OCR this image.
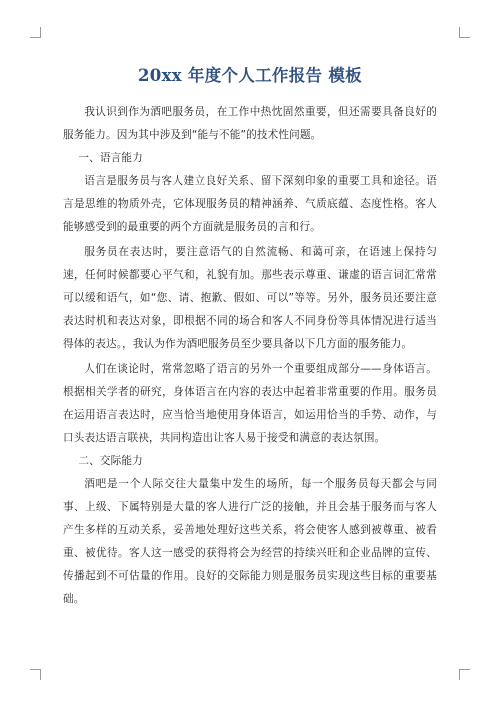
20xx 年度个人工作报告 模板

我认识到作为酒吧服务员，在工作中热忱固然重要，但还需要具备良好的服务能力。因为其中涉及到“能与不能”的技术性问题。

一、语言能力

语言是服务员与客人建立良好关系、留下深刻印象的重要工具和途径。语言是思维的物质外壳，它体现服务员的精神涵养、气质底蕴、态度性格。客人能够感受到的最重要的两个方面就是服务员的言和行。

服务员在表达时，要注意语气的自然流畅、和蔼可亲，在语速上保持匀速，任何时候都要心平气和，礼貌有加。那些表示尊重、谦虚的语言词汇常常可以缓和语气，如“您、请、抱歉、假如、可以”等等。另外，服务员还要注意表达时机和表达对象，即根据不同的场合和客人不同身份等具体情况进行适当得体的表达。，我认为作为酒吧服务员至少要具备以下几方面的服务能力。

人们在谈论时，常常忽略了语言的另外一个重要组成部分——身体语言。根据相关学者的研究，身体语言在内容的表达中起着非常重要的作用。服务员在运用语言表达时，应当恰当地使用身体语言，如运用恰当的手势、动作，与口头表达语言联袂，共同构造出让客人易于接受和满意的表达氛围。

二、交际能力

酒吧是一个人际交往大量集中发生的场所，每一个服务员每天都会与同事、上级、下属特别是大量的客人进行广泛的接触，并且会基于服务而与客人产生多样的互动关系，妥善地处理好这些关系，将会使客人感到被尊重、被看重、被优待。客人这一感受的获得将会为经营的持续兴旺和企业品牌的宣传、传播起到不可估量的作用。良好的交际能力则是服务员实现这些目标的重要基础。
